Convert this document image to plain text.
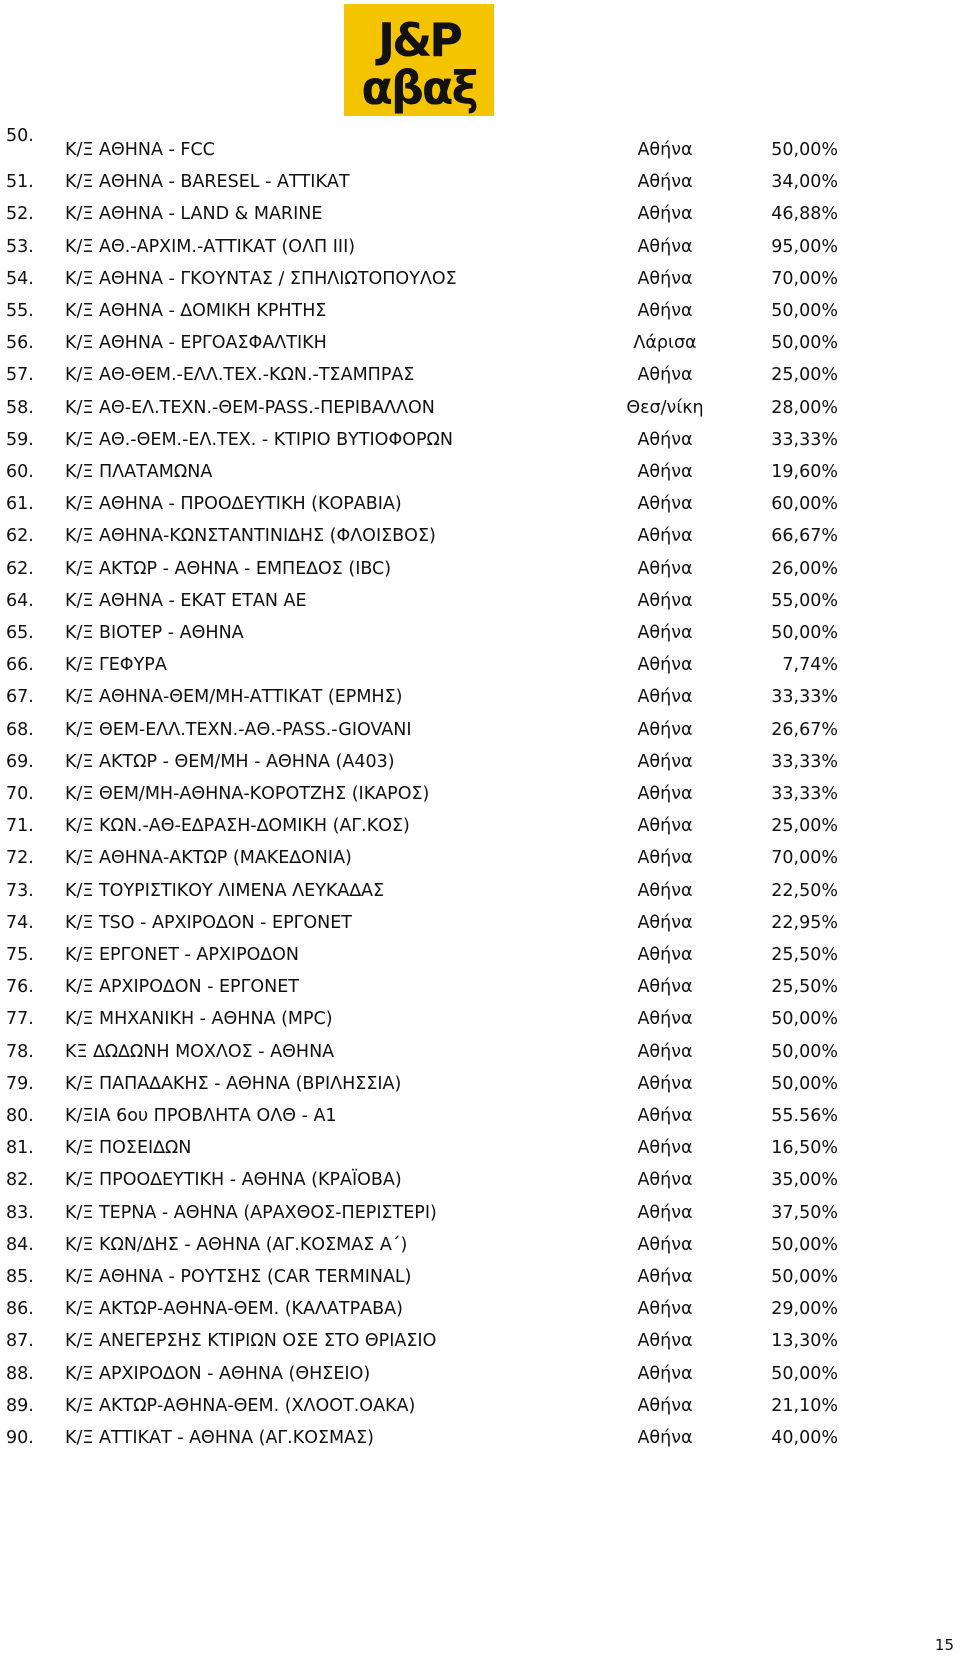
J&P
αβαξ
50.
Κ/Ξ ΑΘΗΝΑ - FCC	Αθήνα	50,00%
51. Κ/Ξ ΑΘΗΝΑ - BARESEL - ΑΤΤΙΚΑΤ	Αθήνα	34,00%
52. Κ/Ξ ΑΘΗΝΑ - LAND & MARINE	Αθήνα	46,88%
53. Κ/Ξ ΑΘ.-ΑΡΧΙΜ.-ΑΤΤΙΚΑΤ (ΟΛΠ ΙΙΙ)	Αθήνα	95,00%
54. Κ/Ξ ΑΘΗΝΑ - ΓΚΟΥΝΤΑΣ / ΣΠΗΛΙΩΤΟΠΟΥΛΟΣ	Αθήνα	70,00%
55. Κ/Ξ ΑΘΗΝΑ - ∆ΟΜΙΚΗ ΚΡΗΤΗΣ	Αθήνα	50,00%
56. Κ/Ξ ΑΘΗΝΑ - ΕΡΓΟΑΣΦΑΛΤΙΚΗ	Λάρισα	50,00%
57. Κ/Ξ ΑΘ-ΘΕΜ.-ΕΛΛ.ΤΕΧ.-ΚΩΝ.-ΤΣΑΜΠΡΑΣ	Αθήνα	25,00%
58. Κ/Ξ ΑΘ-ΕΛ.ΤΕΧΝ.-ΘΕΜ-PASS.-ΠΕΡΙΒΑΛΛΟΝ	Θεσ/νίκη	28,00%
59. Κ/Ξ ΑΘ.-ΘΕΜ.-ΕΛ.ΤΕΧ. - ΚΤΙΡΙΟ ΒΥΤΙΟΦΟΡΩΝ	Αθήνα	33,33%
60. Κ/Ξ ΠΛΑΤΑΜΩΝΑ	Αθήνα	19,60%
61. Κ/Ξ ΑΘΗΝΑ - ΠΡΟΟ∆ΕΥΤΙΚΗ (ΚΟΡΑΒΙΑ)	Αθήνα	60,00%
62. Κ/Ξ ΑΘΗΝΑ-ΚΩΝΣΤΑΝΤΙΝΙ∆ΗΣ (ΦΛΟΙΣΒΟΣ)	Αθήνα	66,67%
62. Κ/Ξ ΑΚΤΩΡ - ΑΘΗΝΑ - ΕΜΠΕ∆ΟΣ (IBC)	Αθήνα	26,00%
64. Κ/Ξ ΑΘΗΝΑ - ΕΚΑΤ ΕΤΑΝ ΑΕ	Αθήνα	55,00%
65. Κ/Ξ ΒΙΟΤΕΡ - ΑΘΗΝΑ	Αθήνα	50,00%
66. Κ/Ξ ΓΕΦΥΡΑ	Αθήνα	7,74%
67. Κ/Ξ ΑΘΗΝΑ-ΘΕΜ/ΜΗ-ΑΤΤΙΚΑΤ (ΕΡΜΗΣ)	Αθήνα	33,33%
68. Κ/Ξ ΘΕΜ-ΕΛΛ.ΤΕΧΝ.-ΑΘ.-PASS.-GIOVANI	Αθήνα	26,67%
69. Κ/Ξ ΑΚΤΩΡ - ΘΕΜ/ΜΗ - ΑΘΗΝΑ (Α403)	Αθήνα	33,33%
70. Κ/Ξ ΘΕΜ/ΜΗ-ΑΘΗΝΑ-ΚΟΡΟΤΖΗΣ (ΙΚΑΡΟΣ)	Αθήνα	33,33%
71. Κ/Ξ ΚΩΝ.-ΑΘ-Ε∆ΡΑΣΗ-∆ΟΜΙΚΗ (ΑΓ.ΚΟΣ)	Αθήνα	25,00%
72. Κ/Ξ ΑΘΗΝΑ-ΑΚΤΩΡ (ΜΑΚΕ∆ΟΝΙΑ)	Αθήνα	70,00%
73. Κ/Ξ ΤΟΥΡΙΣΤΙΚΟΥ ΛΙΜΕΝΑ ΛΕΥΚΑ∆ΑΣ	Αθήνα	22,50%
74. Κ/Ξ TSO - ΑΡΧΙΡΟ∆ΟΝ - ΕΡΓΟΝΕΤ	Αθήνα	22,95%
75. Κ/Ξ ΕΡΓΟΝΕΤ - ΑΡΧΙΡΟ∆ΟΝ	Αθήνα	25,50%
76. Κ/Ξ ΑΡΧΙΡΟ∆ΟΝ - ΕΡΓΟΝΕΤ	Αθήνα	25,50%
77. Κ/Ξ ΜΗΧΑΝΙΚΗ - ΑΘΗΝΑ (MPC)	Αθήνα	50,00%
78. ΚΞ ∆Ω∆ΩΝΗ ΜΟΧΛΟΣ - ΑΘΗΝΑ	Αθήνα	50,00%
79. Κ/Ξ ΠΑΠΑ∆ΑΚΗΣ - ΑΘΗΝΑ (ΒΡΙΛΗΣΣΙΑ)	Αθήνα	50,00%
80. Κ/ΞΙΑ 6ου ΠΡΟΒΛΗΤΑ ΟΛΘ - Α1	Αθήνα	55.56%
81. Κ/Ξ ΠΟΣΕΙ∆ΩΝ	Αθήνα	16,50%
82. Κ/Ξ ΠΡΟΟ∆ΕΥΤΙΚΗ - ΑΘΗΝΑ (ΚΡΑΪΟΒΑ)	Αθήνα	35,00%
83. Κ/Ξ ΤΕΡΝΑ - ΑΘΗΝΑ (ΑΡΑΧΘΟΣ-ΠΕΡΙΣΤΕΡΙ)	Αθήνα	37,50%
84. Κ/Ξ ΚΩΝ/∆ΗΣ - ΑΘΗΝΑ (ΑΓ.ΚΟΣΜΑΣ Α΄)	Αθήνα	50,00%
85. Κ/Ξ ΑΘΗΝΑ - ΡΟΥΤΣΗΣ (CAR TERMINAL)	Αθήνα	50,00%
86. Κ/Ξ ΑΚΤΩΡ-ΑΘΗΝΑ-ΘΕΜ. (ΚΑΛΑΤΡΑΒΑ)	Αθήνα	29,00%
87. Κ/Ξ ΑΝΕΓΕΡΣΗΣ ΚΤΙΡΙΩΝ ΟΣΕ ΣΤΟ ΘΡΙΑΣΙΟ	Αθήνα	13,30%
88. Κ/Ξ ΑΡΧΙΡΟ∆ΟΝ - ΑΘΗΝΑ (ΘΗΣΕΙΟ)	Αθήνα	50,00%
89. Κ/Ξ ΑΚΤΩΡ-ΑΘΗΝΑ-ΘΕΜ. (ΧΛΟΟΤ.ΟΑΚΑ)	Αθήνα	21,10%
90. Κ/Ξ ΑΤΤΙΚΑΤ - ΑΘΗΝΑ (ΑΓ.ΚΟΣΜΑΣ)	Αθήνα	40,00%
15
